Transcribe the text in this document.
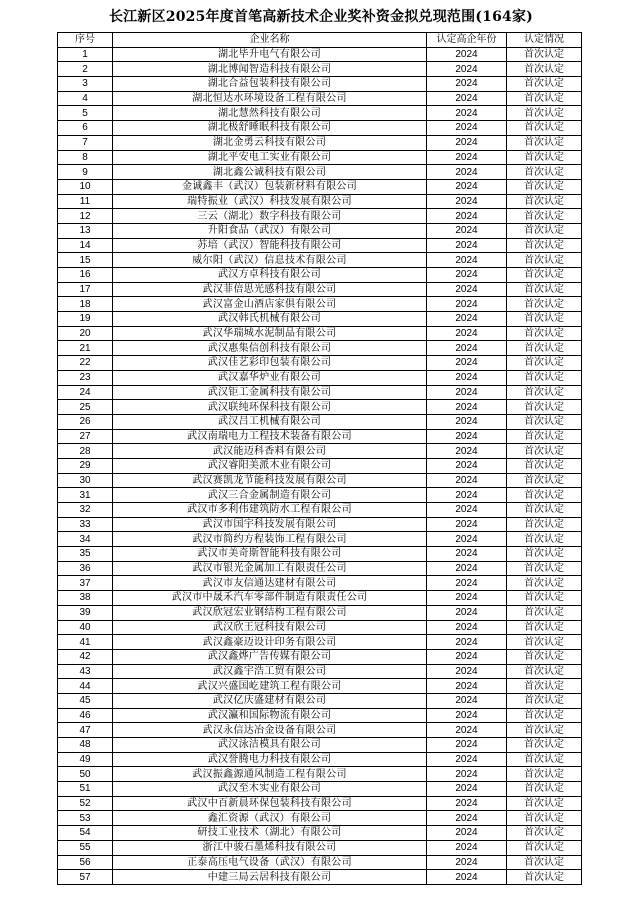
长江新区2025年度首笔高新技术企业奖补资金拟兑现范围(164家)
序号	企业名称	认定高企年份	认定情况
1	湖北毕升电气有限公司	2024	首次认定
2	湖北博闻智造科技有限公司	2024	首次认定
3	湖北合益包装科技有限公司	2024	首次认定
4	湖北恒达水环境设备工程有限公司	2024	首次认定
5	湖北慧然科技有限公司	2024	首次认定
6	湖北极舒睡眠科技有限公司	2024	首次认定
7	湖北金勇云科技有限公司	2024	首次认定
8	湖北平安电工实业有限公司	2024	首次认定
9	湖北鑫公诚科技有限公司	2024	首次认定
10	金诚鑫丰（武汉）包装新材料有限公司	2024	首次认定
11	瑞特振业（武汉）科技发展有限公司	2024	首次认定
12	三云（湖北）数字科技有限公司	2024	首次认定
13	升阳食品（武汉）有限公司	2024	首次认定
14	苏培（武汉）智能科技有限公司	2024	首次认定
15	威尔阳（武汉）信息技术有限公司	2024	首次认定
16	武汉方卓科技有限公司	2024	首次认定
17	武汉菲倍思光感科技有限公司	2024	首次认定
18	武汉富金山酒店家俱有限公司	2024	首次认定
19	武汉韩氏机械有限公司	2024	首次认定
20	武汉华瑞城水泥制品有限公司	2024	首次认定
21	武汉惠集信创科技有限公司	2024	首次认定
22	武汉佳艺彩印包装有限公司	2024	首次认定
23	武汉嘉华炉业有限公司	2024	首次认定
24	武汉钜工金属科技有限公司	2024	首次认定
25	武汉联纯环保科技有限公司	2024	首次认定
26	武汉吕工机械有限公司	2024	首次认定
27	武汉南瑞电力工程技术装备有限公司	2024	首次认定
28	武汉能迈科香料有限公司	2024	首次认定
29	武汉睿阳美派木业有限公司	2024	首次认定
30	武汉赛凯龙节能科技发展有限公司	2024	首次认定
31	武汉三合金属制造有限公司	2024	首次认定
32	武汉市多利伟建筑防水工程有限公司	2024	首次认定
33	武汉市国宇科技发展有限公司	2024	首次认定
34	武汉市简约方程装饰工程有限公司	2024	首次认定
35	武汉市美奇斯智能科技有限公司	2024	首次认定
36	武汉市银光金属加工有限责任公司	2024	首次认定
37	武汉市友信通达建材有限公司	2024	首次认定
38	武汉市中晟禾汽车零部件制造有限责任公司	2024	首次认定
39	武汉欣冠宏业钢结构工程有限公司	2024	首次认定
40	武汉欣王冠科技有限公司	2024	首次认定
41	武汉鑫豪迈设计印务有限公司	2024	首次认定
42	武汉鑫烨广告传媒有限公司	2024	首次认定
43	武汉鑫宇浩工贸有限公司	2024	首次认定
44	武汉兴盛国屹建筑工程有限公司	2024	首次认定
45	武汉亿庆盛建材有限公司	2024	首次认定
46	武汉瀛和国际物流有限公司	2024	首次认定
47	武汉永信达冶金设备有限公司	2024	首次认定
48	武汉泳洁模具有限公司	2024	首次认定
49	武汉誉腾电力科技有限公司	2024	首次认定
50	武汉振鑫源通风制造工程有限公司	2024	首次认定
51	武汉至木实业有限公司	2024	首次认定
52	武汉中百新晨环保包装科技有限公司	2024	首次认定
53	鑫汇资源（武汉）有限公司	2024	首次认定
54	研技工业技术（湖北）有限公司	2024	首次认定
55	浙江中骏石墨烯科技有限公司	2024	首次认定
56	正泰高压电气设备（武汉）有限公司	2024	首次认定
57	中建三局云居科技有限公司	2024	首次认定
